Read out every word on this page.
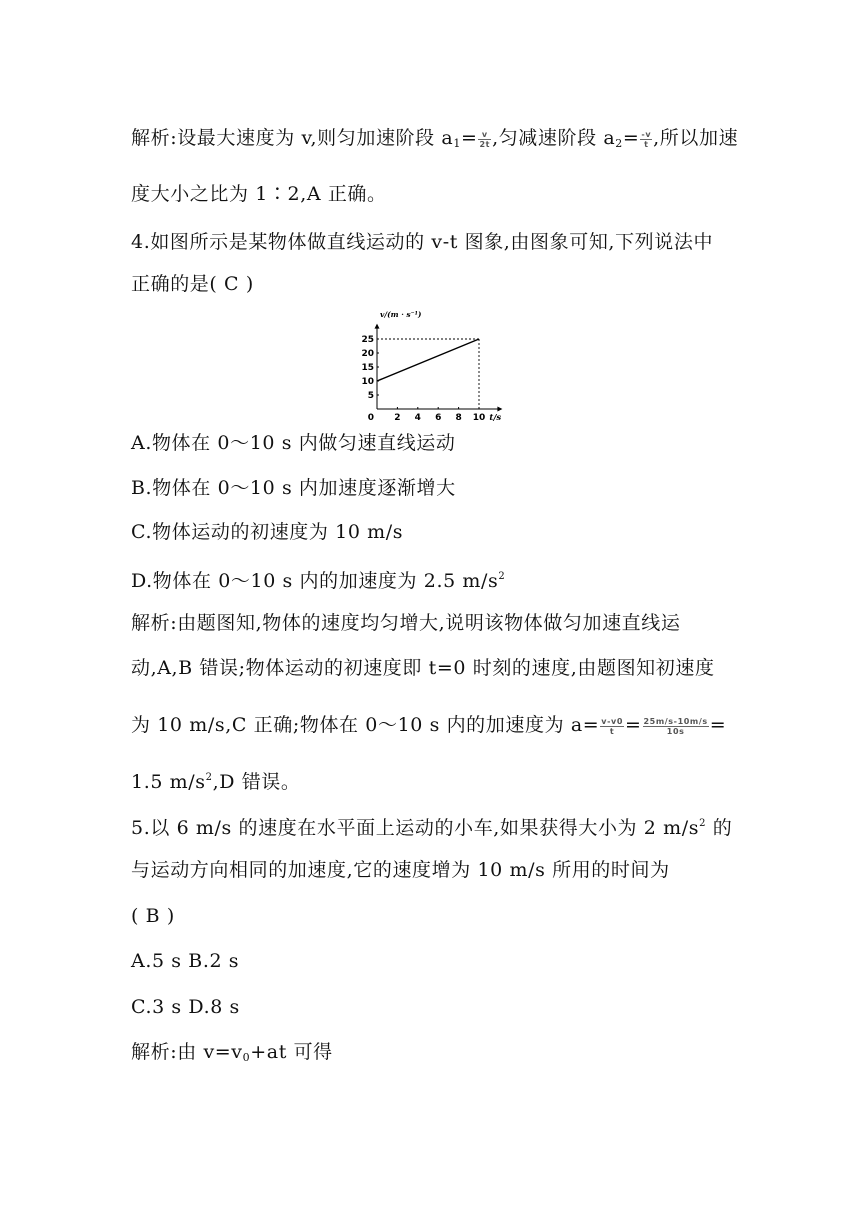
解析:设最大速度为 v,则匀加速阶段 $a_1= \frac{v}{2t}$ ,匀减速阶段 $a_2= \frac{-v}{t}$ ,所以加速
度大小之比为 1∶2,A 正确。
4.如图所示是某物体做直线运动的 v-t 图象,由图象可知,下列说法中
正确的是( C )
2 4 6 8 10
5
10
15
20
25
0
v/(m · s⁻¹)
t/s
A.物体在 0～10 s 内做匀速直线运动
B.物体在 0～10 s 内加速度逐渐增大
C.物体运动的初速度为 10 m/s
D.物体在 0～10 s 内的加速度为 2.5 $m/s^2$
解析:由题图知,物体的速度均匀增大,说明该物体做匀加速直线运
动,A,B 错误;物体运动的初速度即 t=0 时刻的速度,由题图知初速度
为 10 m/s,C 正确;物体在 0～10 s 内的加速度为 $a= \frac{v-v0}{t} = \frac{25m/s-10m/s}{10s}$ =
1.5 $m/s^2,D$ 错误。
5.以 6 m/s 的速度在水平面上运动的小车,如果获得大小为 2 $m/s^2$ 的
与运动方向相同的加速度,它的速度增为 10 m/s 所用的时间为
( B )
A.5 s B.2 s
C.3 s D.8 s
解析:由 $v=v_0+at$ 可得
